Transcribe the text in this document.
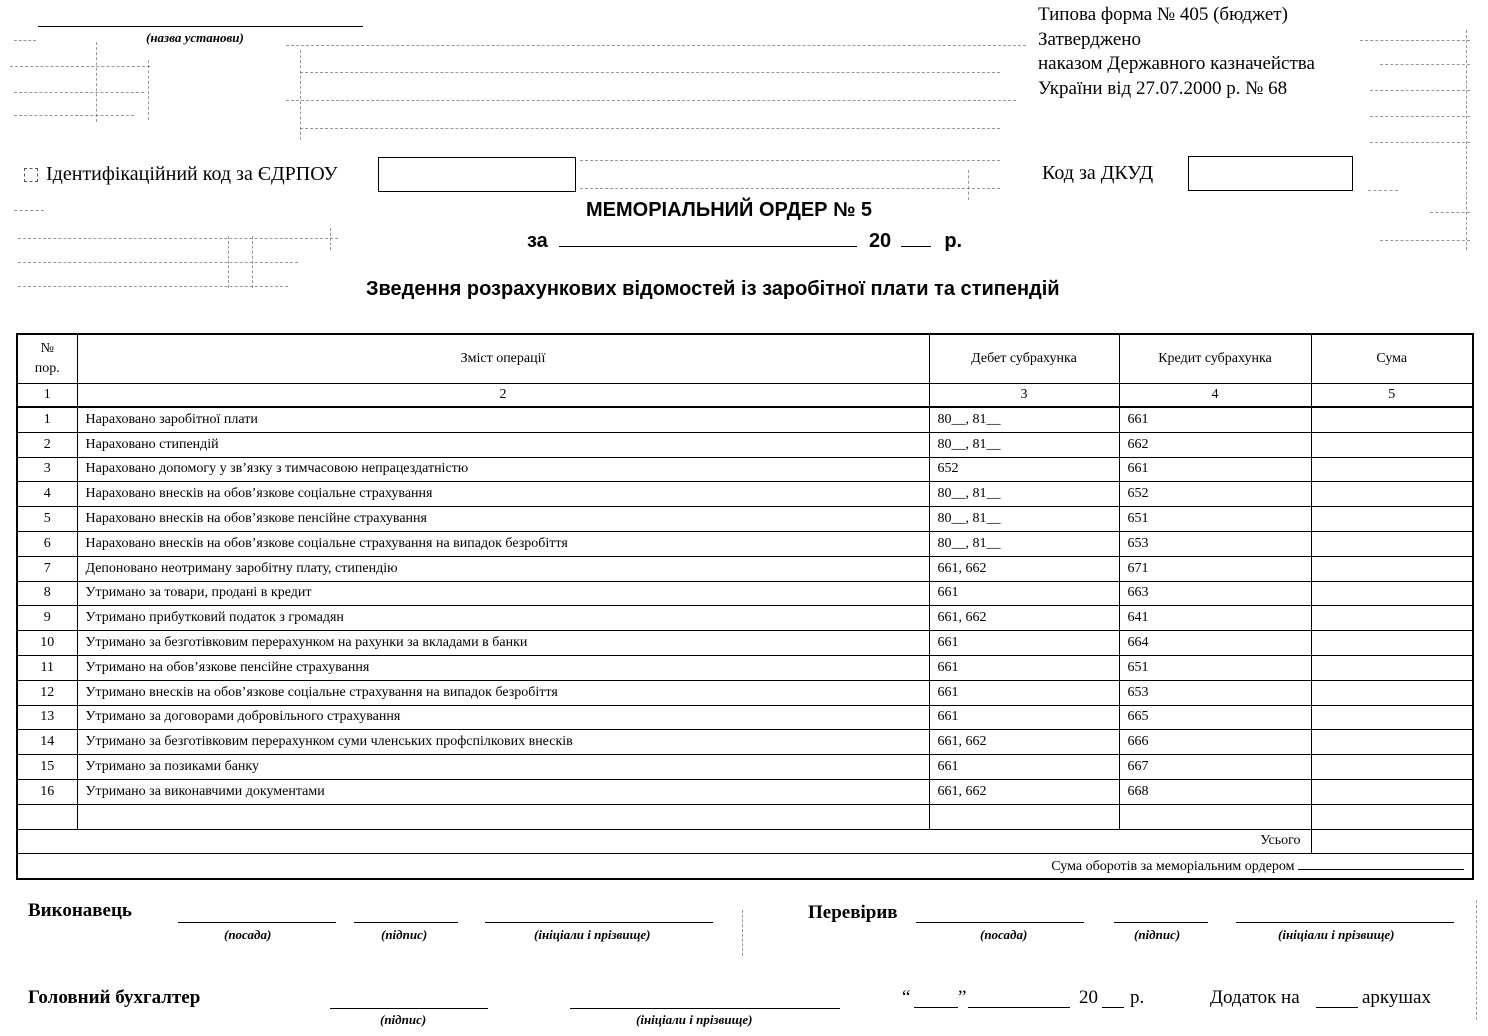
(назва установи)
Типова форма № 405 (бюджет)
Затверджено
наказом Державного казначейства
України від 27.07.2000 р. № 68
Ідентифікаційний код за ЄДРПОУ	Код за ДКУД
МЕМОРІАЛЬНИЙ ОРДЕР № 5
за	20	р.
Зведення розрахункових відомостей із заробітної плати та стипендій
№
пор.	Зміст операції	Дебет субрахунка	Кредит субрахунка	Сума
1	2	3	4	5
1	Нараховано заробітної плати	80__, 81__	661	
2	Нараховано стипендій	80__, 81__	662	
3	Нараховано допомогу у зв’язку з тимчасовою непрацездатністю	652	661	
4	Нараховано внесків на обов’язкове соціальне страхування	80__, 81__	652	
5	Нараховано внесків на обов’язкове пенсійне страхування	80__, 81__	651	
6	Нараховано внесків на обов’язкове соціальне страхування на випадок безробіття	80__, 81__	653	
7	Депоновано неотриману заробітну плату, стипендію	661, 662	671	
8	Утримано за товари, продані в кредит	661	663	
9	Утримано прибутковий податок з громадян	661, 662	641	
10	Утримано за безготівковим перерахунком на рахунки за вкладами в банки	661	664	
11	Утримано на обов’язкове пенсійне страхування	661	651	
12	Утримано внесків на обов’язкове соціальне страхування на випадок безробіття	661	653	
13	Утримано за договорами добровільного страхування	661	665	
14	Утримано за безготівковим перерахунком суми членських профспілкових внесків	661, 662	666	
15	Утримано за позиками банку	661	667	
16	Утримано за виконавчими документами	661, 662	668	

Усього				
Сума оборотів за меморіальним ордером				
Виконавець
(посада)	(підпис)	(ініціали і прізвище)
Перевірив
(посада)	(підпис)	(ініціали і прізвище)
Головний бухгалтер
(підпис)	(ініціали і прізвище)
“	”	20 р.	Додаток на	аркушах
